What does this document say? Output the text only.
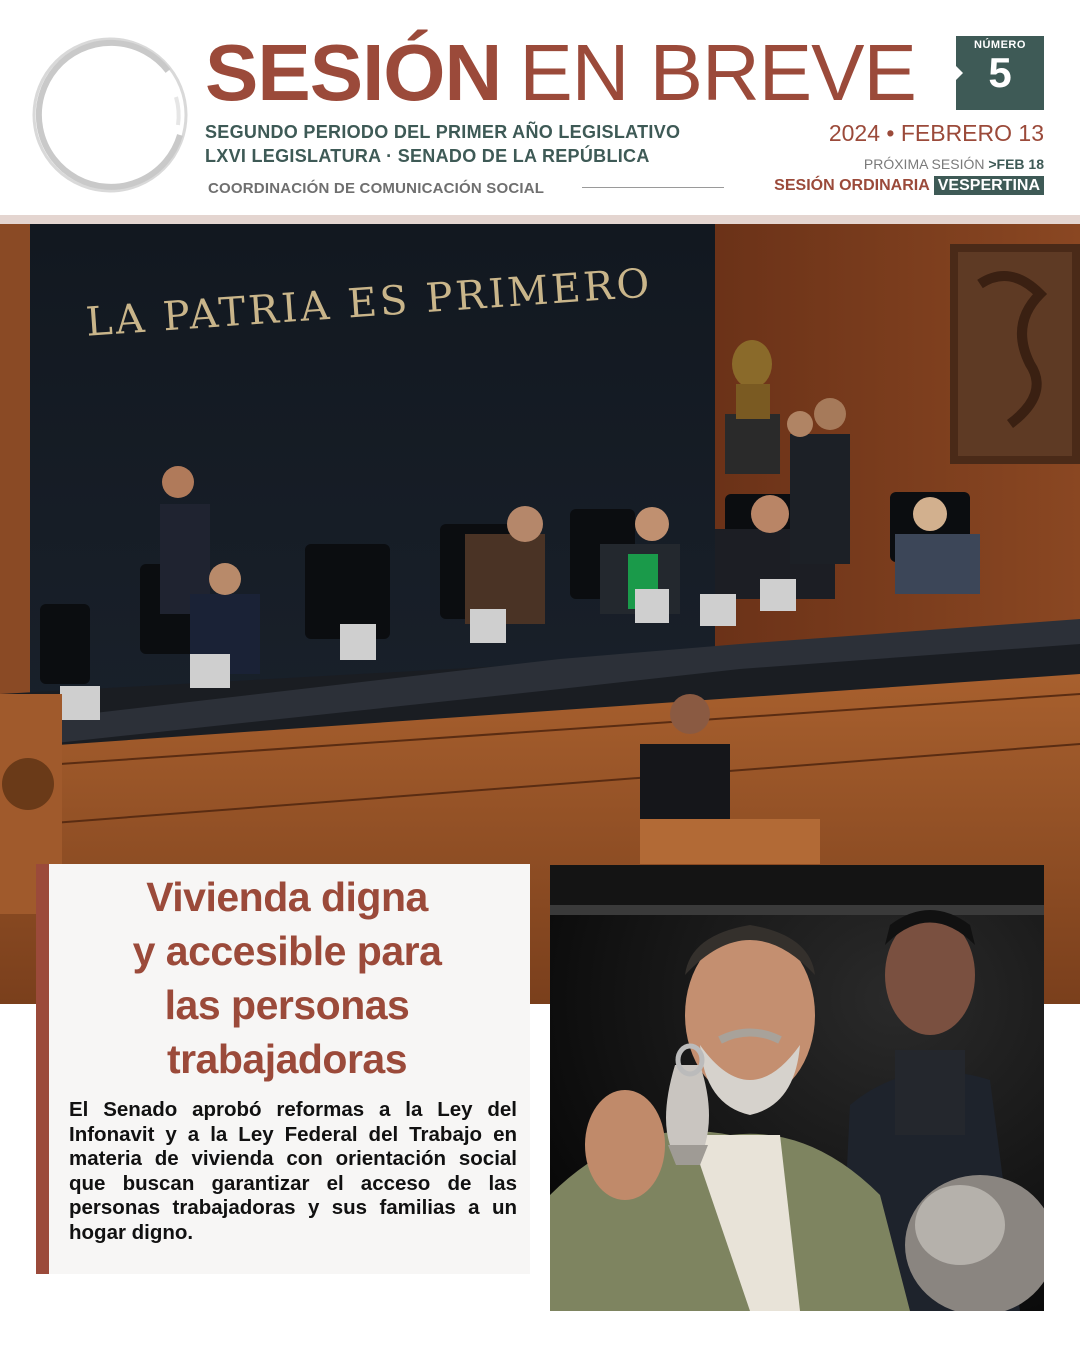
SESIÓN EN BREVE	NÚMERO
5
SEGUNDO PERIODO DEL PRIMER AÑO LEGISLATIVO
LXVI LEGISLATURA · SENADO DE LA REPÚBLICA
2024 • FEBRERO 13
PRÓXIMA SESIÓN >FEB 18
COORDINACIÓN DE COMUNICACIÓN SOCIAL	SESIÓN ORDINARIA VESPERTINA
LA PATRIA ES PRIMERO
Vivienda digna
y accesible para
las personas
trabajadoras
El Senado aprobó reformas a la Ley del Infonavit y a la Ley Federal del Trabajo en materia de vivienda con orientación social que buscan garantizar el acceso de las personas trabajadoras y sus familias a un hogar digno.
